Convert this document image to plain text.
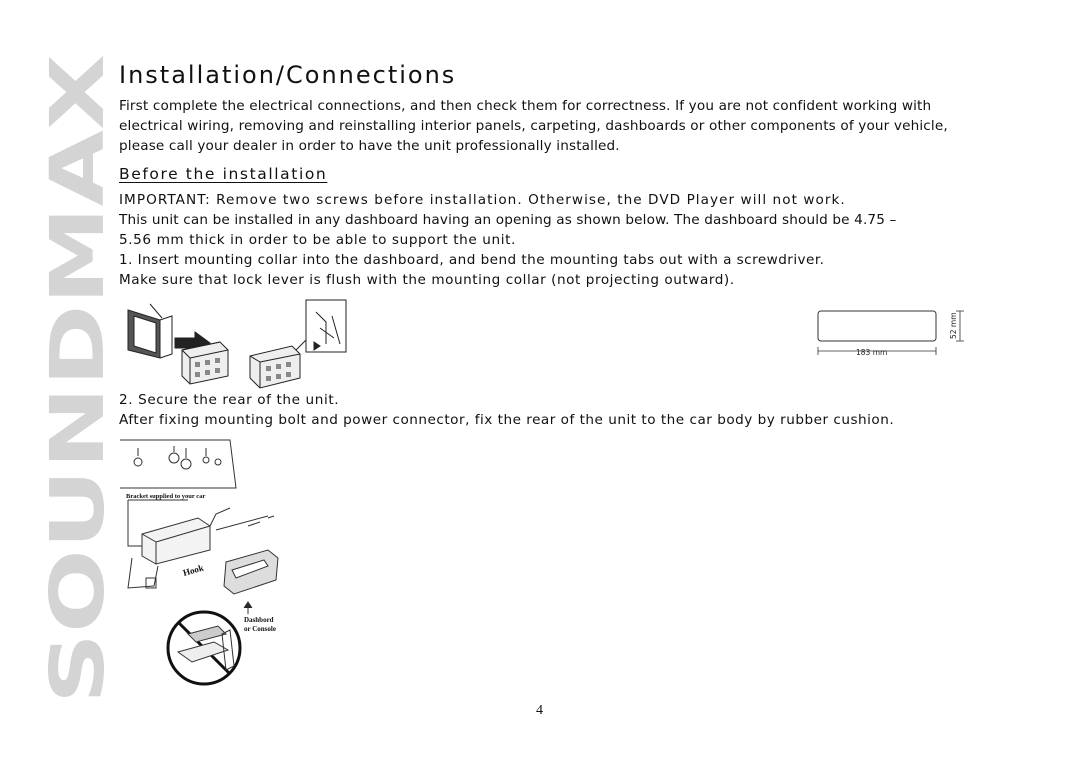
SOUNDMAX
Installation/Connections

First complete the electrical connections, and then check them for correctness. If you are not confident working with electrical wiring, removing and reinstalling interior panels, carpeting, dashboards or other components of your vehicle, please call your dealer in order to have the unit professionally installed.

Before the installation
IMPORTANT: Remove two screws before installation. Otherwise, the DVD Player will not work.
This unit can be installed in any dashboard having an opening as shown below. The dashboard should be 4.75 –
5.56 mm thick in order to be able to support the unit.
1. Insert mounting collar into the dashboard, and bend the mounting tabs out with a screwdriver.
Make sure that lock lever is flush with the mounting collar (not projecting outward).
183 mm
52 mm
2. Secure the rear of the unit.
After fixing mounting bolt and power connector, fix the rear of the unit to the car body by rubber cushion.
Bracket supplied to your car
Hook
Dashbord
or Console
4
